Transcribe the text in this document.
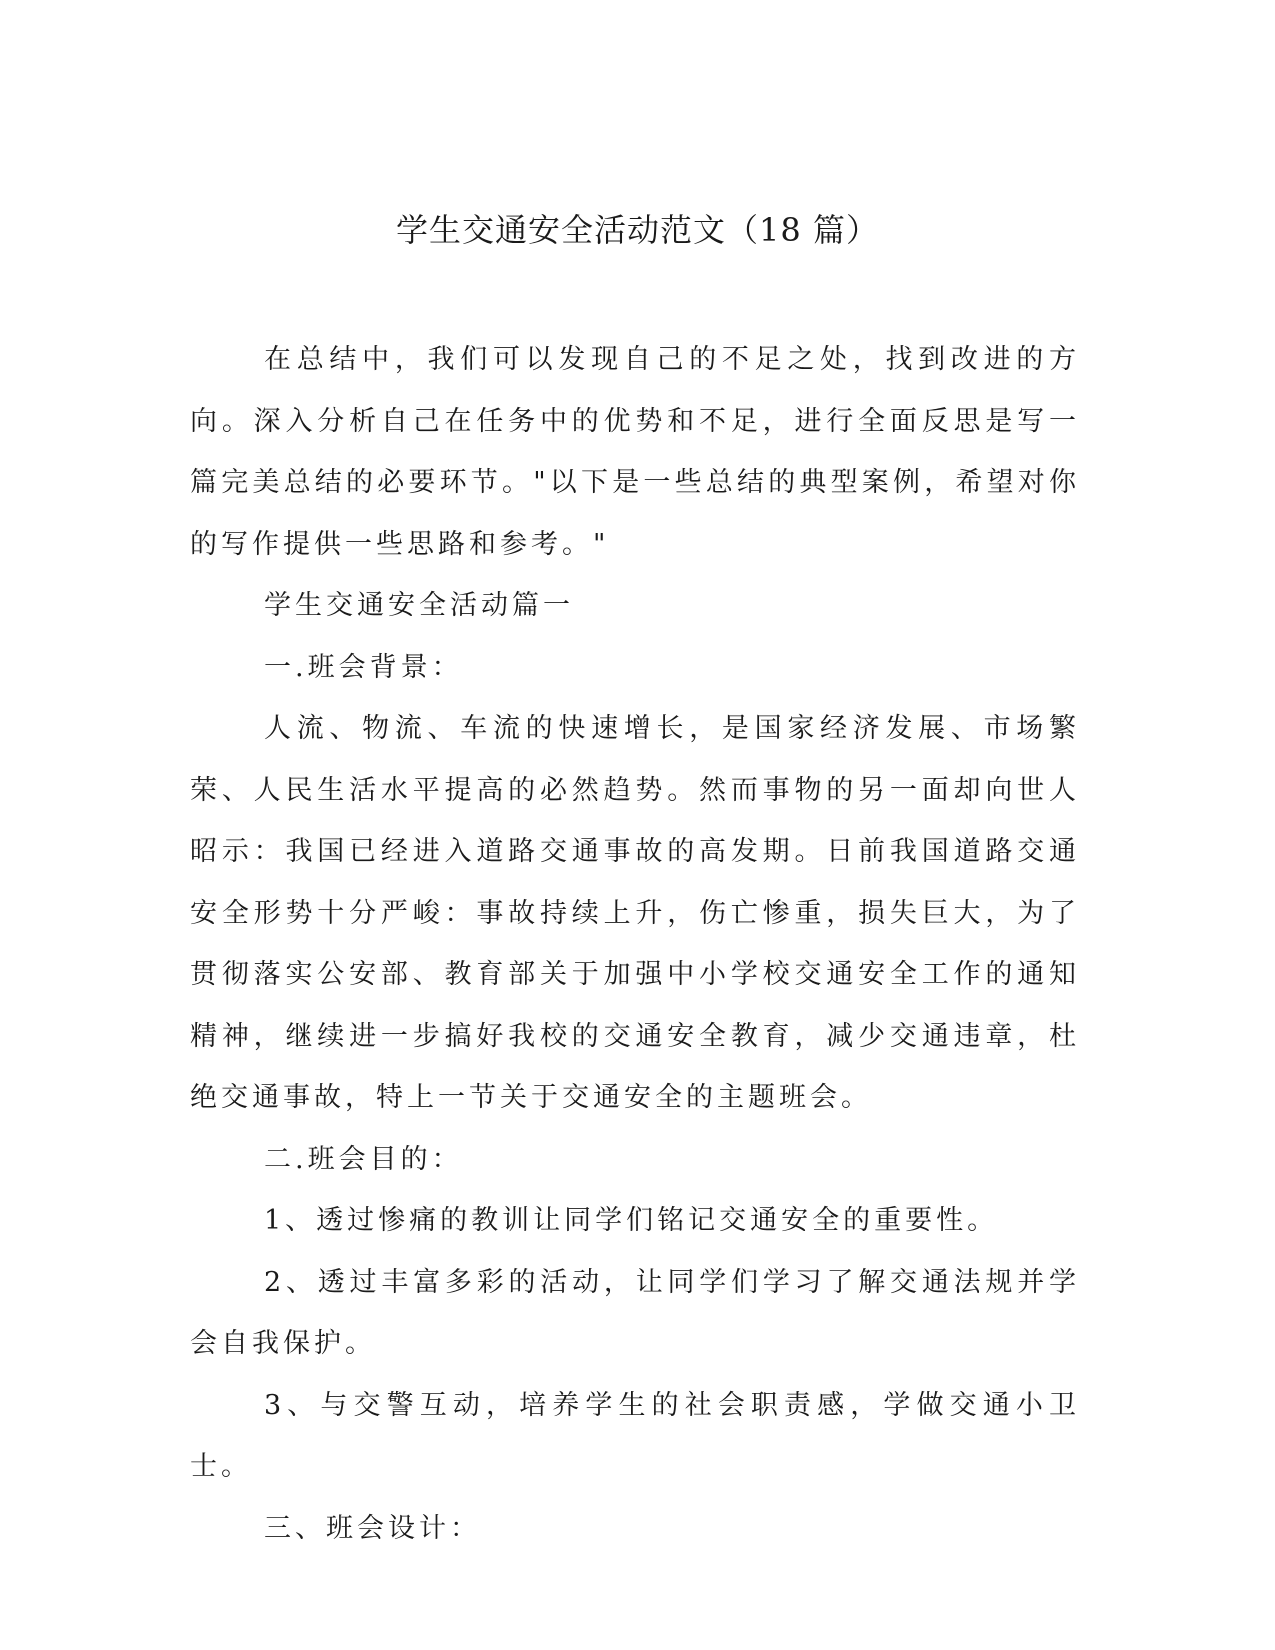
学生交通安全活动范文（18 篇）

在总结中，我们可以发现自己的不足之处，找到改进的方向。深入分析自己在任务中的优势和不足，进行全面反思是写一篇完美总结的必要环节。"以下是一些总结的典型案例，希望对你的写作提供一些思路和参考。"

学生交通安全活动篇一

一.班会背景：

人流、物流、车流的快速增长，是国家经济发展、市场繁荣、人民生活水平提高的必然趋势。然而事物的另一面却向世人昭示：我国已经进入道路交通事故的高发期。日前我国道路交通安全形势十分严峻：事故持续上升，伤亡惨重，损失巨大，为了贯彻落实公安部、教育部关于加强中小学校交通安全工作的通知精神，继续进一步搞好我校的交通安全教育，减少交通违章，杜绝交通事故，特上一节关于交通安全的主题班会。

二.班会目的：

1、透过惨痛的教训让同学们铭记交通安全的重要性。

2、透过丰富多彩的活动，让同学们学习了解交通法规并学会自我保护。

3、与交警互动，培养学生的社会职责感，学做交通小卫士。

三、班会设计：
